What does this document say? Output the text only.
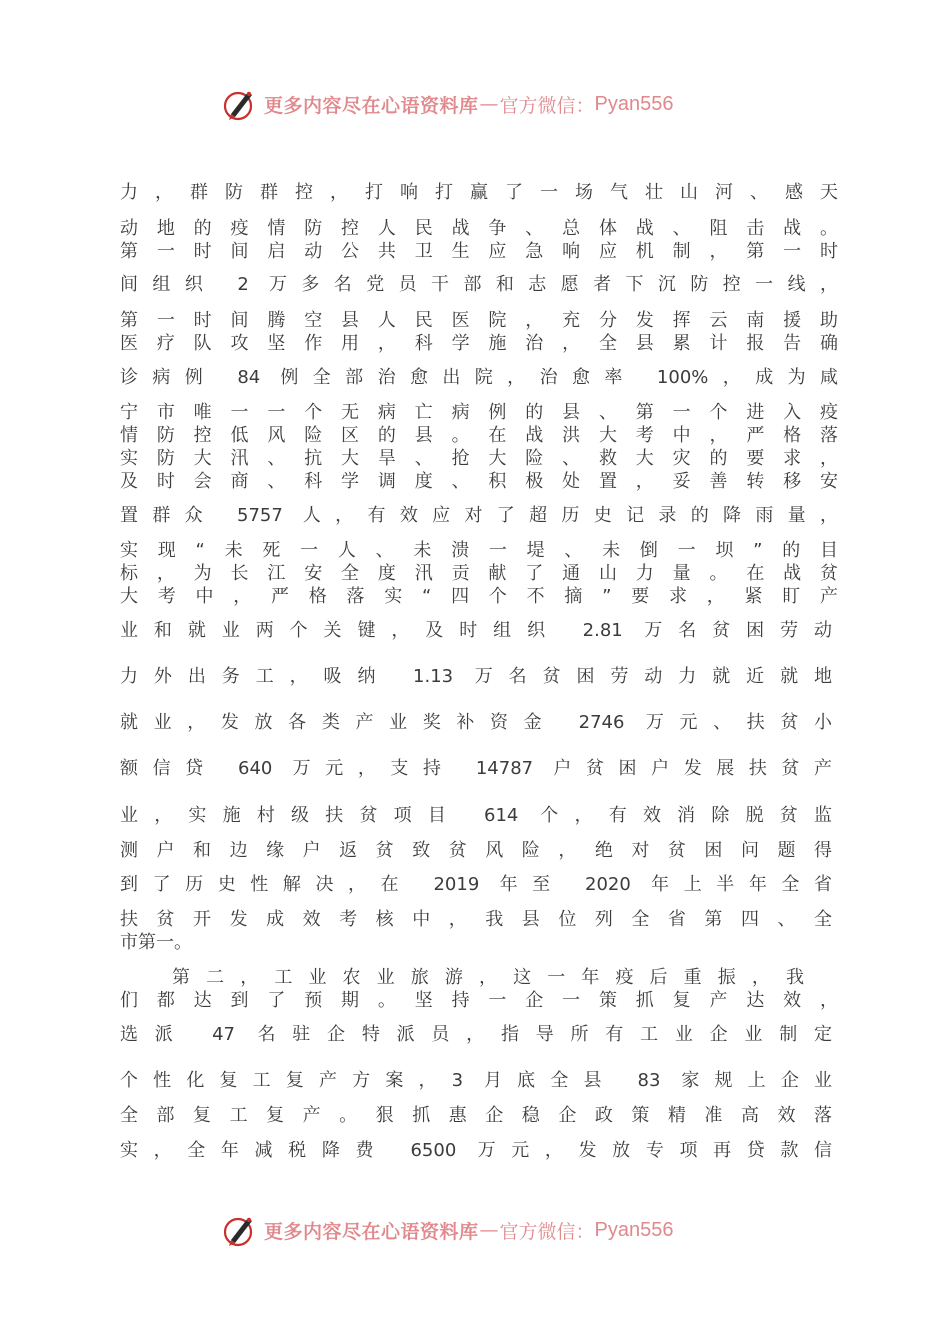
更多内容尽在心语资料库 — 官方微信： Pyan556
力，群防群控，打响打赢了一场气壮山河、感天
动地的疫情防控人民战争、总体战、阻击战。
第一时间启动公共卫生应急响应机制，第一时
间组织 2 万多名党员干部和志愿者下沉防控一线，
第一时间腾空县人民医院，充分发挥云南援助
医疗队攻坚作用，科学施治，全县累计报告确
诊病例 84 例全部治愈出院，治愈率 100%，成为咸
宁市唯一一个无病亡病例的县、第一个进入疫
情防控低风险区的县。在战洪大考中，严格落
实防大汛、抗大旱、抢大险、救大灾的要求，
及时会商、科学调度、积极处置，妥善转移安
置群众 5757 人，有效应对了超历史记录的降雨量，
实现“未死一人、未溃一堤、未倒一坝”的目
标，为长江安全度汛贡献了通山力量。在战贫
大考中，严格落实“四个不摘”要求，紧盯产
业和就业两个关键，及时组织 2.81 万名贫困劳动
力外出务工，吸纳 1.13 万名贫困劳动力就近就地
就业，发放各类产业奖补资金 2746 万元、扶贫小
额信贷 640 万元，支持 14787 户贫困户发展扶贫产
业，实施村级扶贫项目 614 个，有效消除脱贫监
测户和边缘户返贫致贫风险，绝对贫困问题得
到了历史性解决，在 2019 年至 2020 年上半年全省
扶贫开发成效考核中，我县位列全省第四、全
市第一。
第二，工业农业旅游，这一年疫后重振，我
们都达到了预期。坚持一企一策抓复产达效，
选派 47 名驻企特派员，指导所有工业企业制定
个性化复工复产方案，3 月底全县 83 家规上企业
全部复工复产。狠抓惠企稳企政策精准高效落
实，全年减税降费 6500 万元，发放专项再贷款信
更多内容尽在心语资料库 — 官方微信： Pyan556
